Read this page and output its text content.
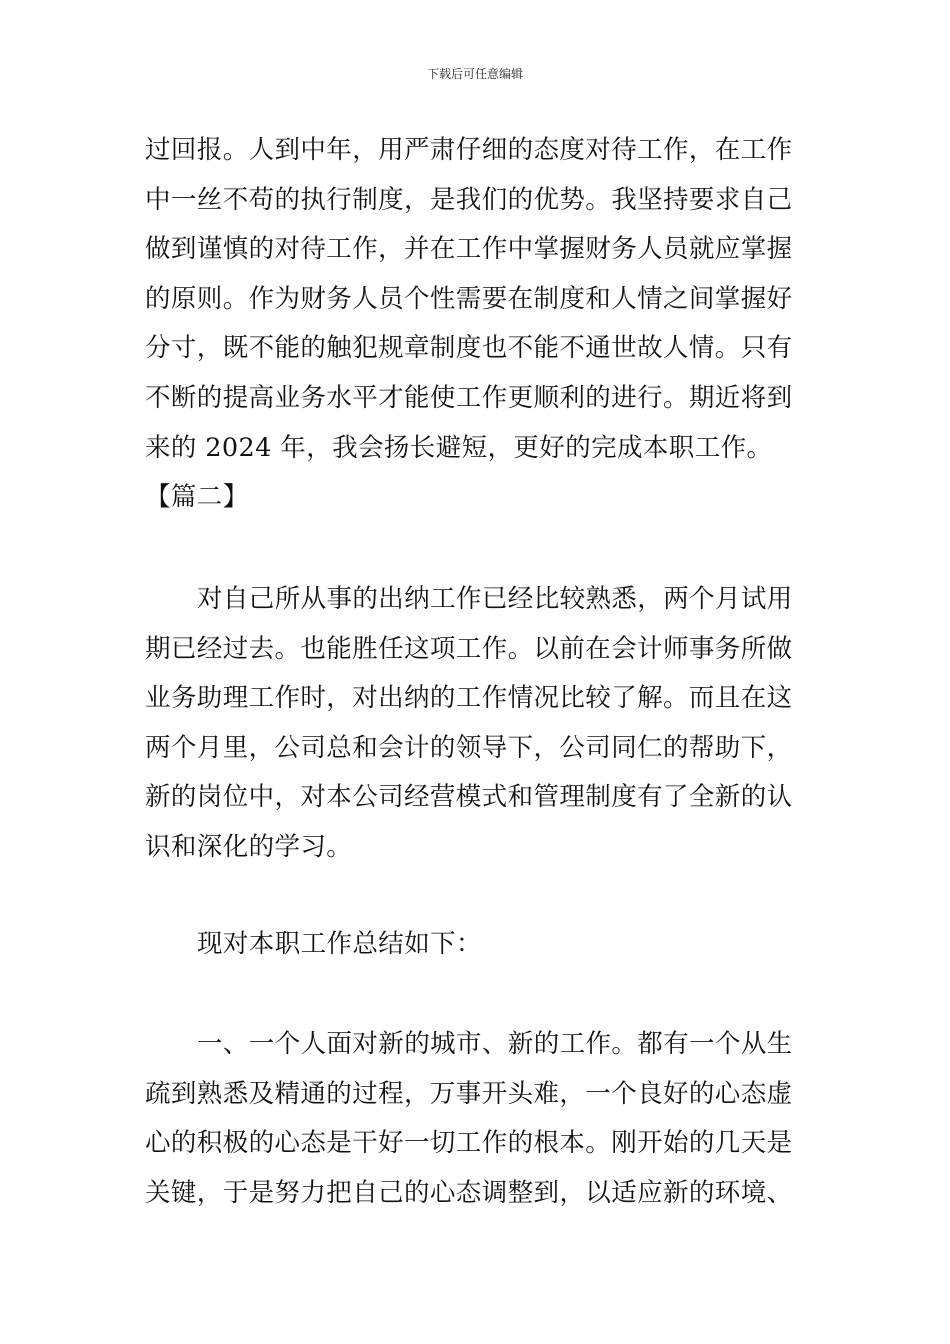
下载后可任意编辑
过回报。人到中年，用严肃仔细的态度对待工作，在工作
中一丝不苟的执行制度，是我们的优势。我坚持要求自己
做到谨慎的对待工作，并在工作中掌握财务人员就应掌握
的原则。作为财务人员个性需要在制度和人情之间掌握好
分寸，既不能的触犯规章制度也不能不通世故人情。只有
不断的提高业务水平才能使工作更顺利的进行。期近将到
来的 2024 年，我会扬长避短，更好的完成本职工作。
【篇二】
对自己所从事的出纳工作已经比较熟悉，两个月试用
期已经过去。也能胜任这项工作。以前在会计师事务所做
业务助理工作时，对出纳的工作情况比较了解。而且在这
两个月里，公司总和会计的领导下，公司同仁的帮助下，
新的岗位中，对本公司经营模式和管理制度有了全新的认
识和深化的学习。
现对本职工作总结如下：
一、一个人面对新的城市、新的工作。都有一个从生
疏到熟悉及精通的过程，万事开头难，一个良好的心态虚
心的积极的心态是干好一切工作的根本。刚开始的几天是
关键，于是努力把自己的心态调整到，以适应新的环境、
